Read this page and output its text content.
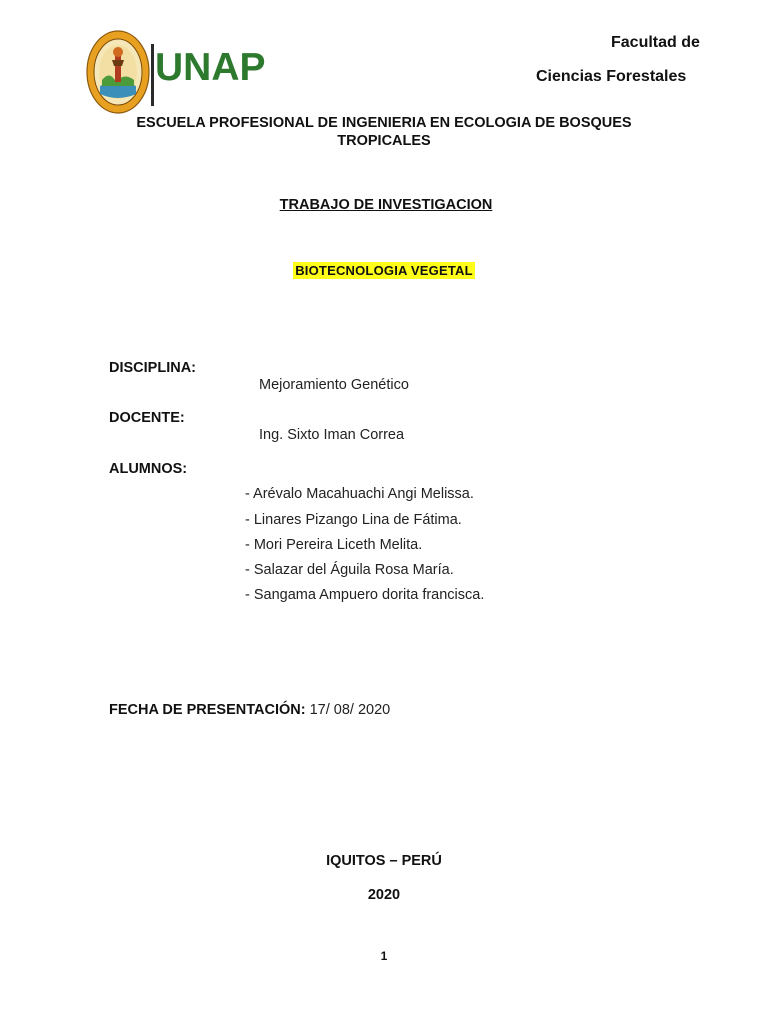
UNAP
Facultad de
Ciencias Forestales
ESCUELA PROFESIONAL DE INGENIERIA EN ECOLOGIA DE BOSQUES TROPICALES
TRABAJO DE INVESTIGACION
BIOTECNOLOGIA VEGETAL
DISCIPLINA:
Mejoramiento Genético
DOCENTE:
Ing. Sixto Iman Correa
ALUMNOS:
- Arévalo Macahuachi Angi Melissa.
- Linares Pizango Lina de Fátima.
- Mori Pereira Liceth Melita.
- Salazar del Águila Rosa María.
- Sangama Ampuero dorita francisca.
FECHA DE PRESENTACIÓN: 17/ 08/ 2020
IQUITOS – PERÚ
2020
1
